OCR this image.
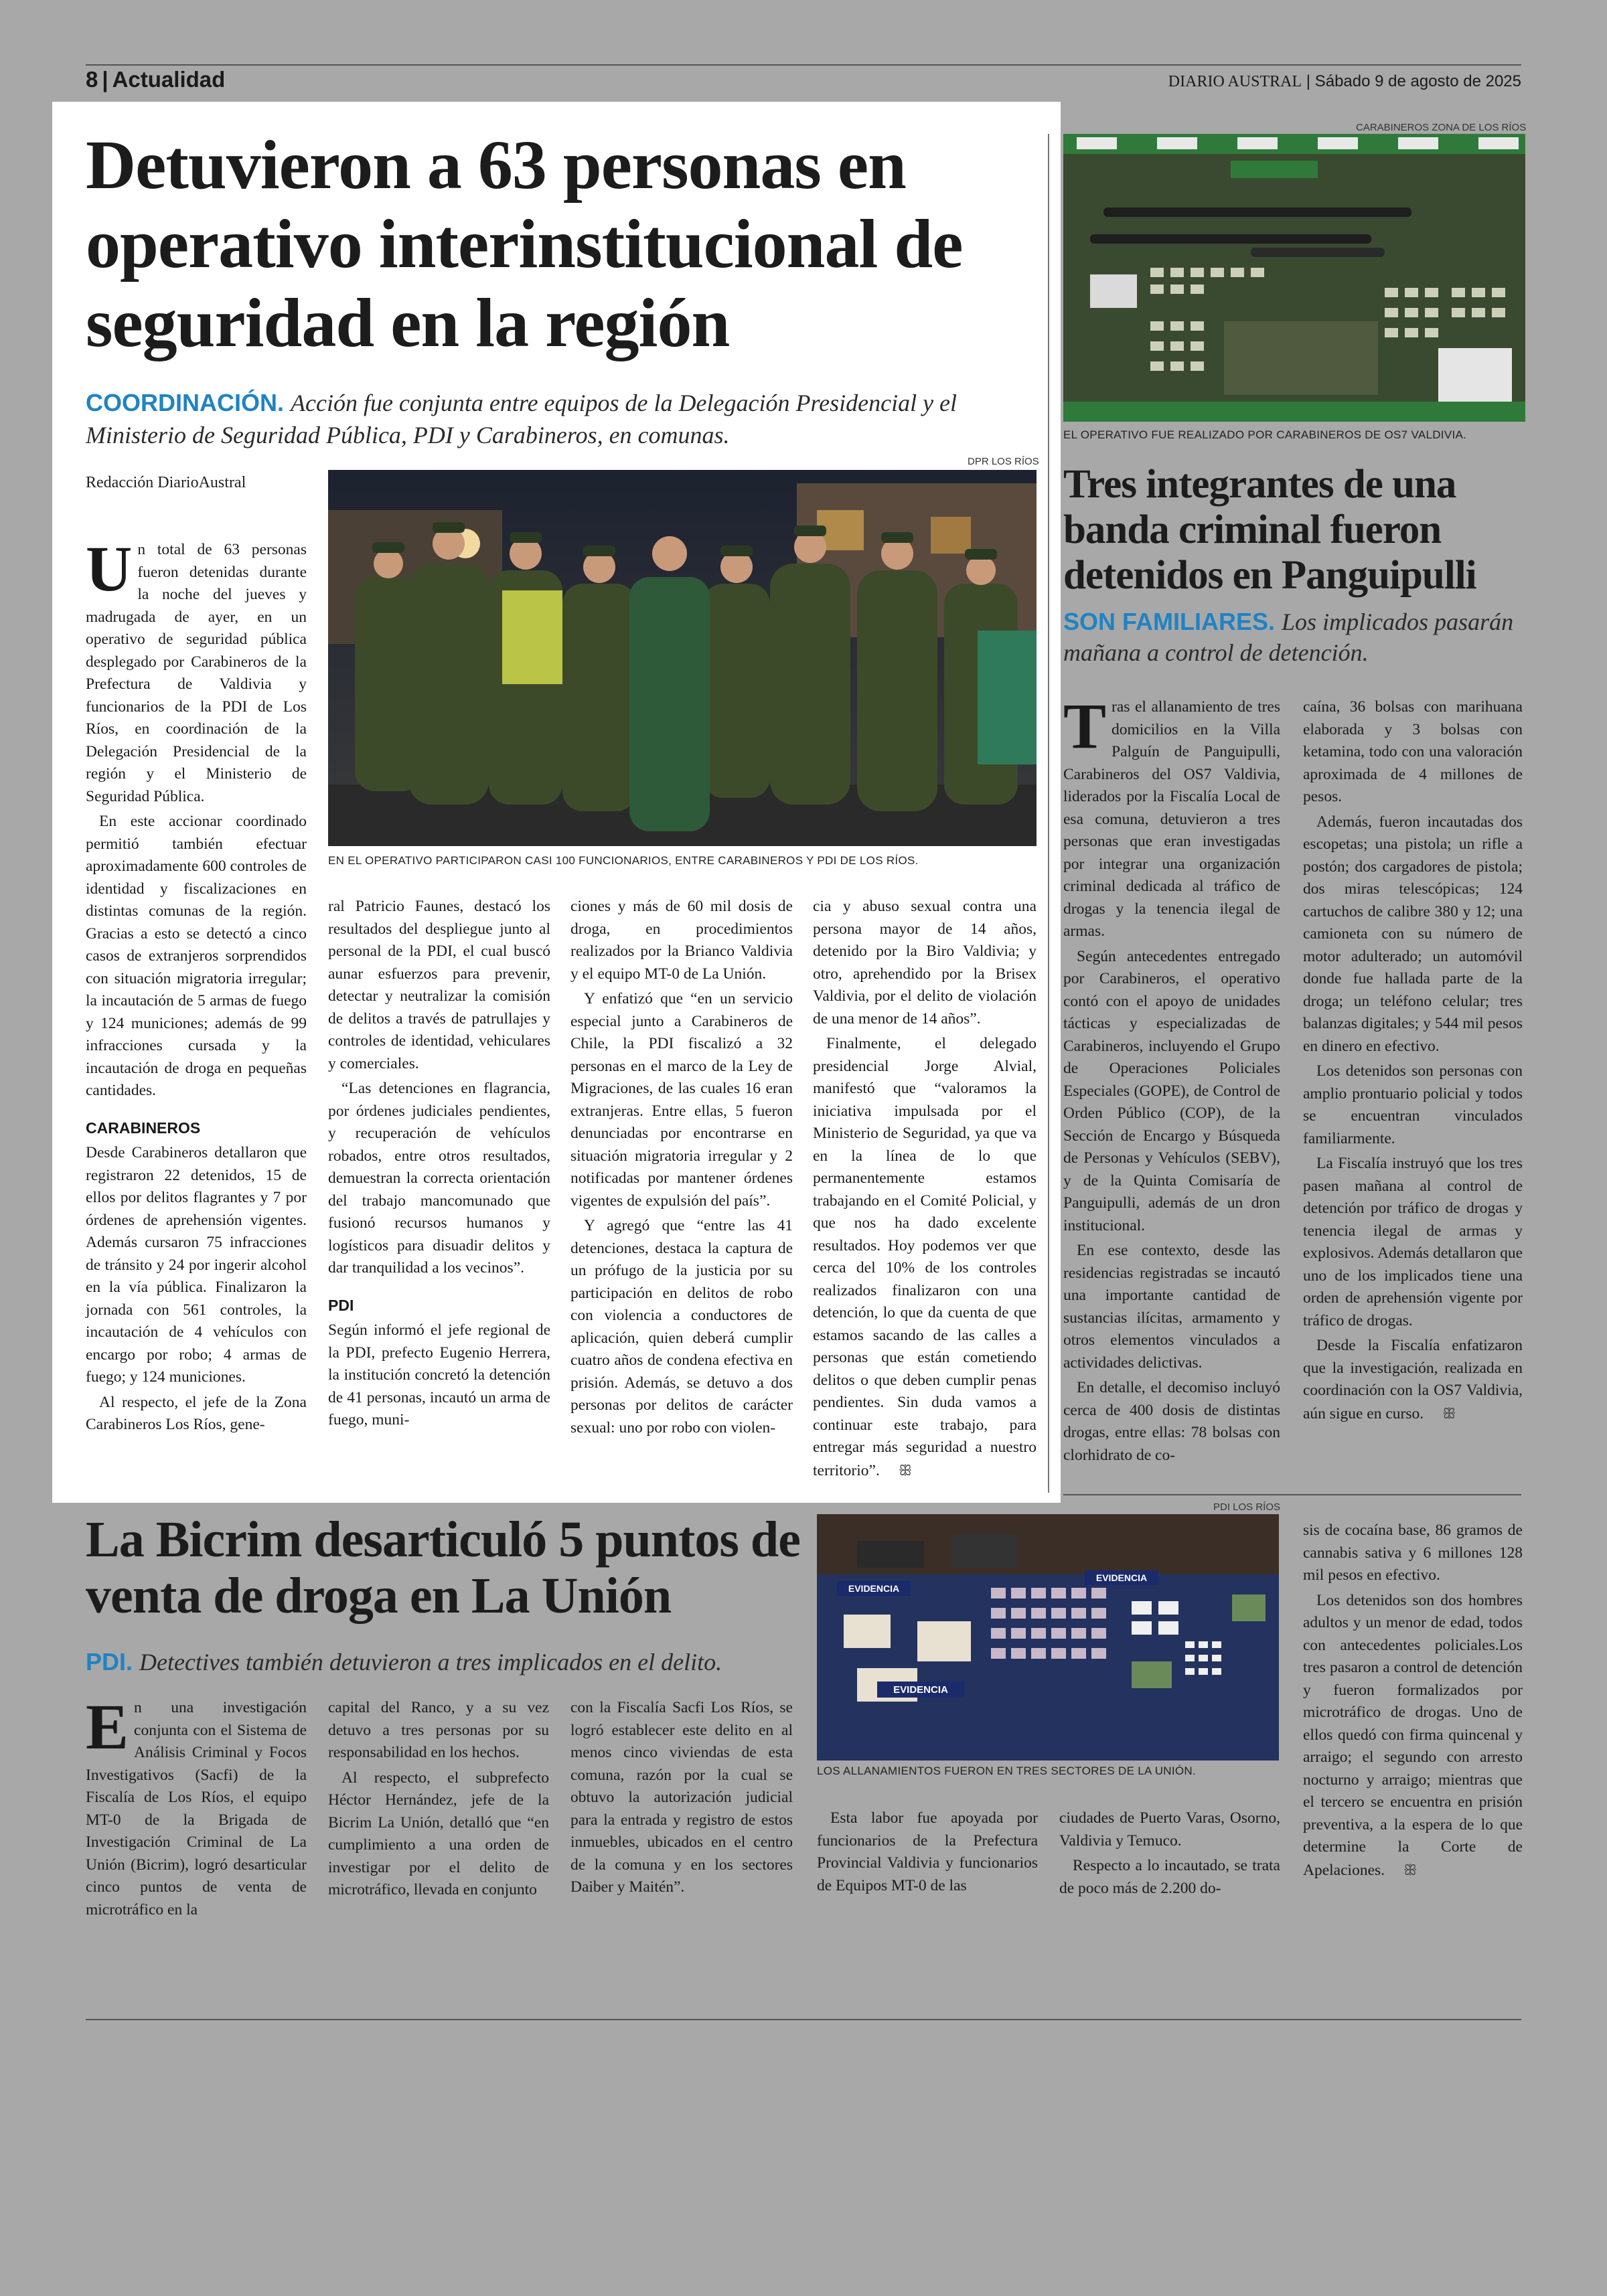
8 | Actualidad	DIARIO AUSTRAL | Sábado 9 de agosto de 2025
Detuvieron a 63 personas en operativo interinstitucional de seguridad en la región
COORDINACIÓN. Acción fue conjunta entre equipos de la Delegación Presidencial y el Ministerio de Seguridad Pública, PDI y Carabineros, en comunas.
Redacción DiarioAustral
DPR LOS RÍOS
EN EL OPERATIVO PARTICIPARON CASI 100 FUNCIONARIOS, ENTRE CARABINEROS Y PDI DE LOS RÍOS.

Un total de 63 personas fueron detenidas durante la noche del jueves y madrugada de ayer, en un operativo de seguridad pública desplegado por Carabineros de la Prefectura de Valdivia y funcionarios de la PDI de Los Ríos, en coordinación de la Delegación Presidencial de la región y el Ministerio de Seguridad Pública.

En este accionar coordinado permitió también efectuar aproximadamente 600 controles de identidad y fiscalizaciones en distintas comunas de la región. Gracias a esto se detectó a cinco casos de extranjeros sorprendidos con situación migratoria irregular; la incautación de 5 armas de fuego y 124 municiones; además de 99 infracciones cursada y la incautación de droga en pequeñas cantidades.

CARABINEROS

Desde Carabineros detallaron que registraron 22 detenidos, 15 de ellos por delitos flagrantes y 7 por órdenes de aprehensión vigentes. Además cursaron 75 infracciones de tránsito y 24 por ingerir alcohol en la vía pública. Finalizaron la jornada con 561 controles, la incautación de 4 vehículos con encargo por robo; 4 armas de fuego; y 124 municiones.

Al respecto, el jefe de la Zona Carabineros Los Ríos, gene-

ral Patricio Faunes, destacó los resultados del despliegue junto al personal de la PDI, el cual buscó aunar esfuerzos para prevenir, detectar y neutralizar la comisión de delitos a través de patrullajes y controles de identidad, vehiculares y comerciales.

“Las detenciones en flagrancia, por órdenes judiciales pendientes, y recuperación de vehículos robados, entre otros resultados, demuestran la correcta orientación del trabajo mancomunado que fusionó recursos humanos y logísticos para disuadir delitos y dar tranquilidad a los vecinos”.

PDI

Según informó el jefe regional de la PDI, prefecto Eugenio Herrera, la institución concretó la detención de 41 personas, incautó un arma de fuego, muni-

ciones y más de 60 mil dosis de droga, en procedimientos realizados por la Brianco Valdivia y el equipo MT-0 de La Unión.

Y enfatizó que “en un servicio especial junto a Carabineros de Chile, la PDI fiscalizó a 32 personas en el marco de la Ley de Migraciones, de las cuales 16 eran extranjeras. Entre ellas, 5 fueron denunciadas por encontrarse en situación migratoria irregular y 2 notificadas por mantener órdenes vigentes de expulsión del país”.

Y agregó que “entre las 41 detenciones, destaca la captura de un prófugo de la justicia por su participación en delitos de robo con violencia a conductores de aplicación, quien deberá cumplir cuatro años de condena efectiva en prisión. Además, se detuvo a dos personas por delitos de carácter sexual: uno por robo con violen-

cia y abuso sexual contra una persona mayor de 14 años, detenido por la Biro Valdivia; y otro, aprehendido por la Brisex Valdivia, por el delito de violación de una menor de 14 años”.

Finalmente, el delegado presidencial Jorge Alvial, manifestó que “valoramos la iniciativa impulsada por el Ministerio de Seguridad, ya que va en la línea de lo que permanentemente estamos trabajando en el Comité Policial, y que nos ha dado excelente resultados. Hoy podemos ver que cerca del 10% de los controles realizados finalizaron con una detención, lo que da cuenta de que estamos sacando de las calles a personas que están cometiendo delitos o que deben cumplir penas pendientes. Sin duda vamos a continuar este trabajo, para entregar más seguridad a nuestro territorio”. ꕥ

CARABINEROS ZONA DE LOS RÍOS
EL OPERATIVO FUE REALIZADO POR CARABINEROS DE OS7 VALDIVIA.
Tres integrantes de una banda criminal fueron detenidos en Panguipulli
SON FAMILIARES. Los implicados pasarán mañana a control de detención.

Tras el allanamiento de tres domicilios en la Villa Palguín de Panguipulli, Carabineros del OS7 Valdivia, liderados por la Fiscalía Local de esa comuna, detuvieron a tres personas que eran investigadas por integrar una organización criminal dedicada al tráfico de drogas y la tenencia ilegal de armas.

Según antecedentes entregado por Carabineros, el operativo contó con el apoyo de unidades tácticas y especializadas de Carabineros, incluyendo el Grupo de Operaciones Policiales Especiales (GOPE), de Control de Orden Público (COP), de la Sección de Encargo y Búsqueda de Personas y Vehículos (SEBV), y de la Quinta Comisaría de Panguipulli, además de un dron institucional.

En ese contexto, desde las residencias registradas se incautó una importante cantidad de sustancias ilícitas, armamento y otros elementos vinculados a actividades delictivas.

En detalle, el decomiso incluyó cerca de 400 dosis de distintas drogas, entre ellas: 78 bolsas con clorhidrato de co-

caína, 36 bolsas con marihuana elaborada y 3 bolsas con ketamina, todo con una valoración aproximada de 4 millones de pesos.

Además, fueron incautadas dos escopetas; una pistola; un rifle a postón; dos cargadores de pistola; dos miras telescópicas; 124 cartuchos de calibre 380 y 12; una camioneta con su número de motor adulterado; un automóvil donde fue hallada parte de la droga; un teléfono celular; tres balanzas digitales; y 544 mil pesos en dinero en efectivo.

Los detenidos son personas con amplio prontuario policial y todos se encuentran vinculados familiarmente.

La Fiscalía instruyó que los tres pasen mañana al control de detención por tráfico de drogas y tenencia ilegal de armas y explosivos. Además detallaron que uno de los implicados tiene una orden de aprehensión vigente por tráfico de drogas.

Desde la Fiscalía enfatizaron que la investigación, realizada en coordinación con la OS7 Valdivia, aún sigue en curso. ꕥ

La Bicrim desarticuló 5 puntos de venta de droga en La Unión
PDI. Detectives también detuvieron a tres implicados en el delito.
PDI LOS RÍOS
EVIDENCIA
EVIDENCIA
EVIDENCIA
LOS ALLANAMIENTOS FUERON EN TRES SECTORES DE LA UNIÓN.

En una investigación conjunta con el Sistema de Análisis Criminal y Focos Investigativos (Sacfi) de la Fiscalía de Los Ríos, el equipo MT-0 de la Brigada de Investigación Criminal de La Unión (Bicrim), logró desarticular cinco puntos de venta de microtráfico en la

capital del Ranco, y a su vez detuvo a tres personas por su responsabilidad en los hechos.

Al respecto, el subprefecto Héctor Hernández, jefe de la Bicrim La Unión, detalló que “en cumplimiento a una orden de investigar por el delito de microtráfico, llevada en conjunto

con la Fiscalía Sacfi Los Ríos, se logró establecer este delito en al menos cinco viviendas de esta comuna, razón por la cual se obtuvo la autorización judicial para la entrada y registro de estos inmuebles, ubicados en el centro de la comuna y en los sectores Daiber y Maitén”.

Esta labor fue apoyada por funcionarios de la Prefectura Provincial Valdivia y funcionarios de Equipos MT-0 de las

ciudades de Puerto Varas, Osorno, Valdivia y Temuco.

Respecto a lo incautado, se trata de poco más de 2.200 do-

sis de cocaína base, 86 gramos de cannabis sativa y 6 millones 128 mil pesos en efectivo.

Los detenidos son dos hombres adultos y un menor de edad, todos con antecedentes policiales.Los tres pasaron a control de detención y fueron formalizados por microtráfico de drogas. Uno de ellos quedó con firma quincenal y arraigo; el segundo con arresto nocturno y arraigo; mientras que el tercero se encuentra en prisión preventiva, a la espera de lo que determine la Corte de Apelaciones. ꕥ
